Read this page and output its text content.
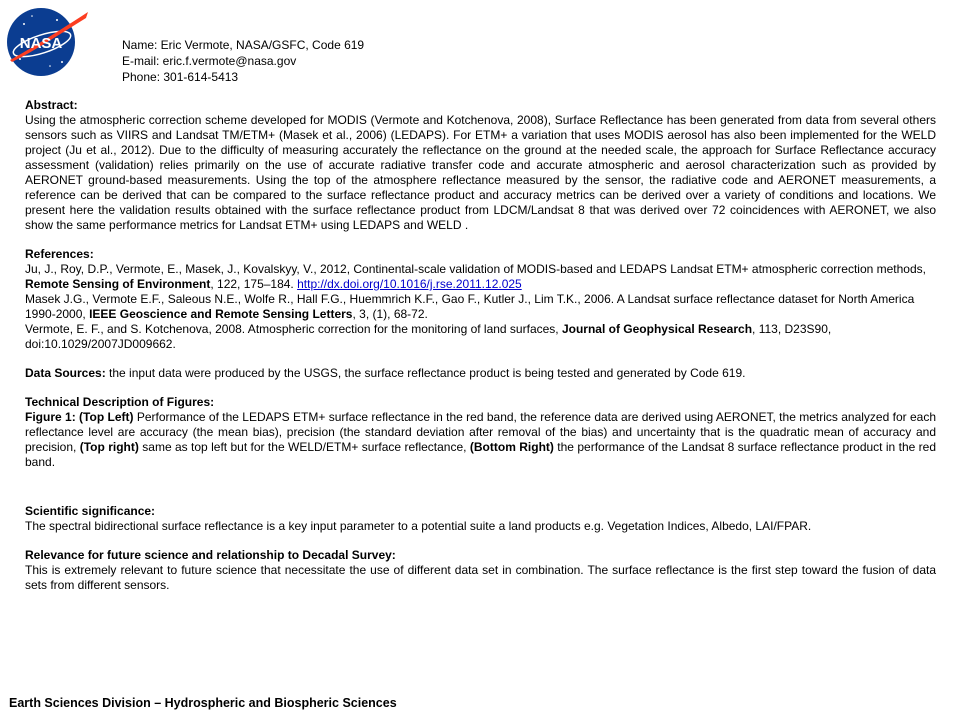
NASA	Name: Eric Vermote, NASA/GSFC, Code 619
E-mail: eric.f.vermote@nasa.gov
Phone: 301-614-5413
Abstract:
Using the atmospheric correction scheme developed for MODIS (Vermote and Kotchenova, 2008), Surface Reflectance has been generated from data from several others sensors such as VIIRS and Landsat TM/ETM+ (Masek et al., 2006) (LEDAPS). For ETM+ a variation that uses MODIS aerosol has also been implemented for the WELD project (Ju et al., 2012). Due to the difficulty of measuring accurately the reflectance on the ground at the needed scale, the approach for Surface Reflectance accuracy assessment (validation) relies primarily on the use of accurate radiative transfer code and accurate atmospheric and aerosol characterization such as provided by AERONET ground-based measurements. Using the top of the atmosphere reflectance measured by the sensor, the radiative code and AERONET measurements, a reference can be derived that can be compared to the surface reflectance product and accuracy metrics can be derived over a variety of conditions and locations. We present here the validation results obtained with the surface reflectance product from LDCM/Landsat 8 that was derived over 72 coincidences with AERONET, we also show the same performance metrics for Landsat ETM+ using LEDAPS and WELD .
References:
Ju, J., Roy, D.P., Vermote, E., Masek, J., Kovalskyy, V., 2012, Continental-scale validation of MODIS-based and LEDAPS Landsat ETM+ atmospheric correction methods, Remote Sensing of Environment, 122, 175–184. http://dx.doi.org/10.1016/j.rse.2011.12.025
Masek J.G., Vermote E.F., Saleous N.E., Wolfe R., Hall F.G., Huemmrich K.F., Gao F., Kutler J., Lim T.K., 2006. A Landsat surface reflectance dataset for North America 1990-2000, IEEE Geoscience and Remote Sensing Letters, 3, (1), 68-72.
Vermote, E. F., and S. Kotchenova, 2008. Atmospheric correction for the monitoring of land surfaces, Journal of Geophysical Research, 113, D23S90, doi:10.1029/2007JD009662.
Data Sources: the input data were produced by the USGS, the surface reflectance product is being tested and generated by Code 619.
Technical Description of Figures:
Figure 1: (Top Left) Performance of the LEDAPS ETM+ surface reflectance in the red band, the reference data are derived using AERONET, the metrics analyzed for each reflectance level are accuracy (the mean bias), precision (the standard deviation after removal of the bias) and uncertainty that is the quadratic mean of accuracy and precision, (Top right) same as top left but for the WELD/ETM+ surface reflectance, (Bottom Right) the performance of the Landsat 8 surface reflectance product in the red band.
Scientific significance:
The spectral bidirectional surface reflectance is a key input parameter to a potential suite a land products e.g. Vegetation Indices, Albedo, LAI/FPAR.
Relevance for future science and relationship to Decadal Survey:
This is extremely relevant to future science that necessitate the use of different data set in combination. The surface reflectance is the first step toward the fusion of data sets from different sensors.
Earth Sciences Division – Hydrospheric and Biospheric Sciences
